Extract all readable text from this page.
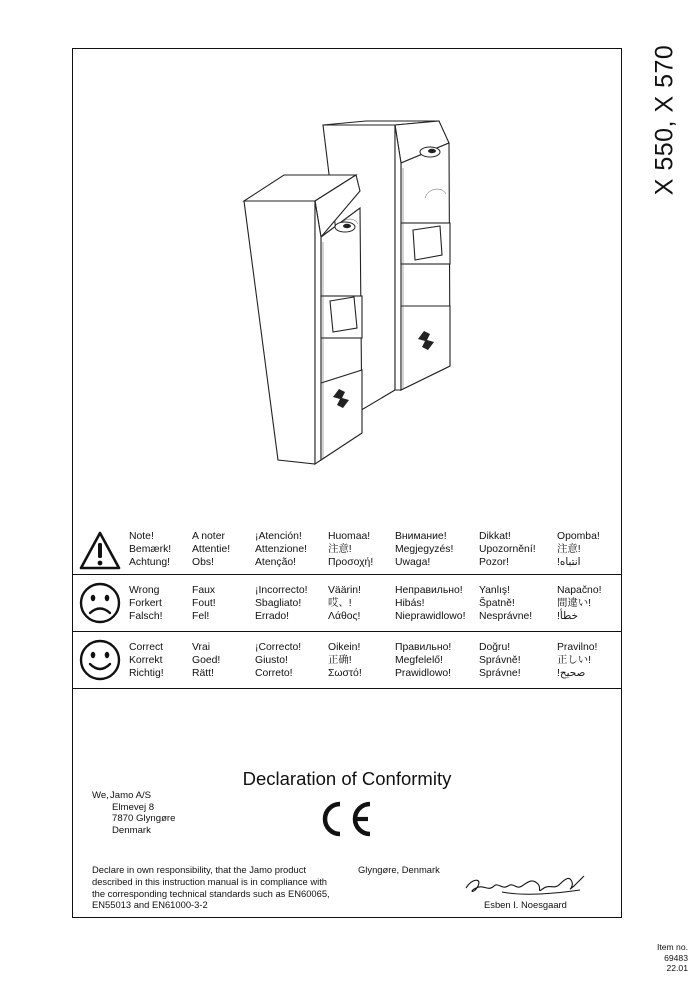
X 550, X 570
Note!
Bemærk!
Achtung!
A noter
Attentie!
Obs!
¡Atención!
Attenzione!
Atenção!
Huomaa!
注意!
Προσοχή!
Внимание!
Megjegyzés!
Uwaga!
Dikkat!
Upozornění!
Pozor!
Opomba!
注意!
!انتباه
Wrong
Forkert
Falsch!
Faux
Fout!
Fel!
¡Incorrecto!
Sbagliato!
Errado!
Väärin!
哎、!
Λάθος!
Неправильно!
Hibás!
Nieprawidlowo!
Yanlış!
Špatně!
Nesprávne!
Napačno!
間違い!
!خطأ
Correct
Korrekt
Richtig!
Vrai
Goed!
Rätt!
¡Correcto!
Giusto!
Correto!
Oikein!
正确!
Σωστό!
Правильно!
Megfelelő!
Prawidlowo!
Doğru!
Správně!
Správne!
Pravilno!
正しい!
!صحيح
Declaration of Conformity
We, Jamo A/S
Elmevej 8
7870 Glyngøre
Denmark
Declare in own responsibility, that the Jamo product described in this instruction manual is in compliance with the corresponding technical standards such as EN60065, EN55013 and EN61000-3-2
Glyngøre, Denmark
Esben I. Noesgaard
Item no.
69483
22.01
